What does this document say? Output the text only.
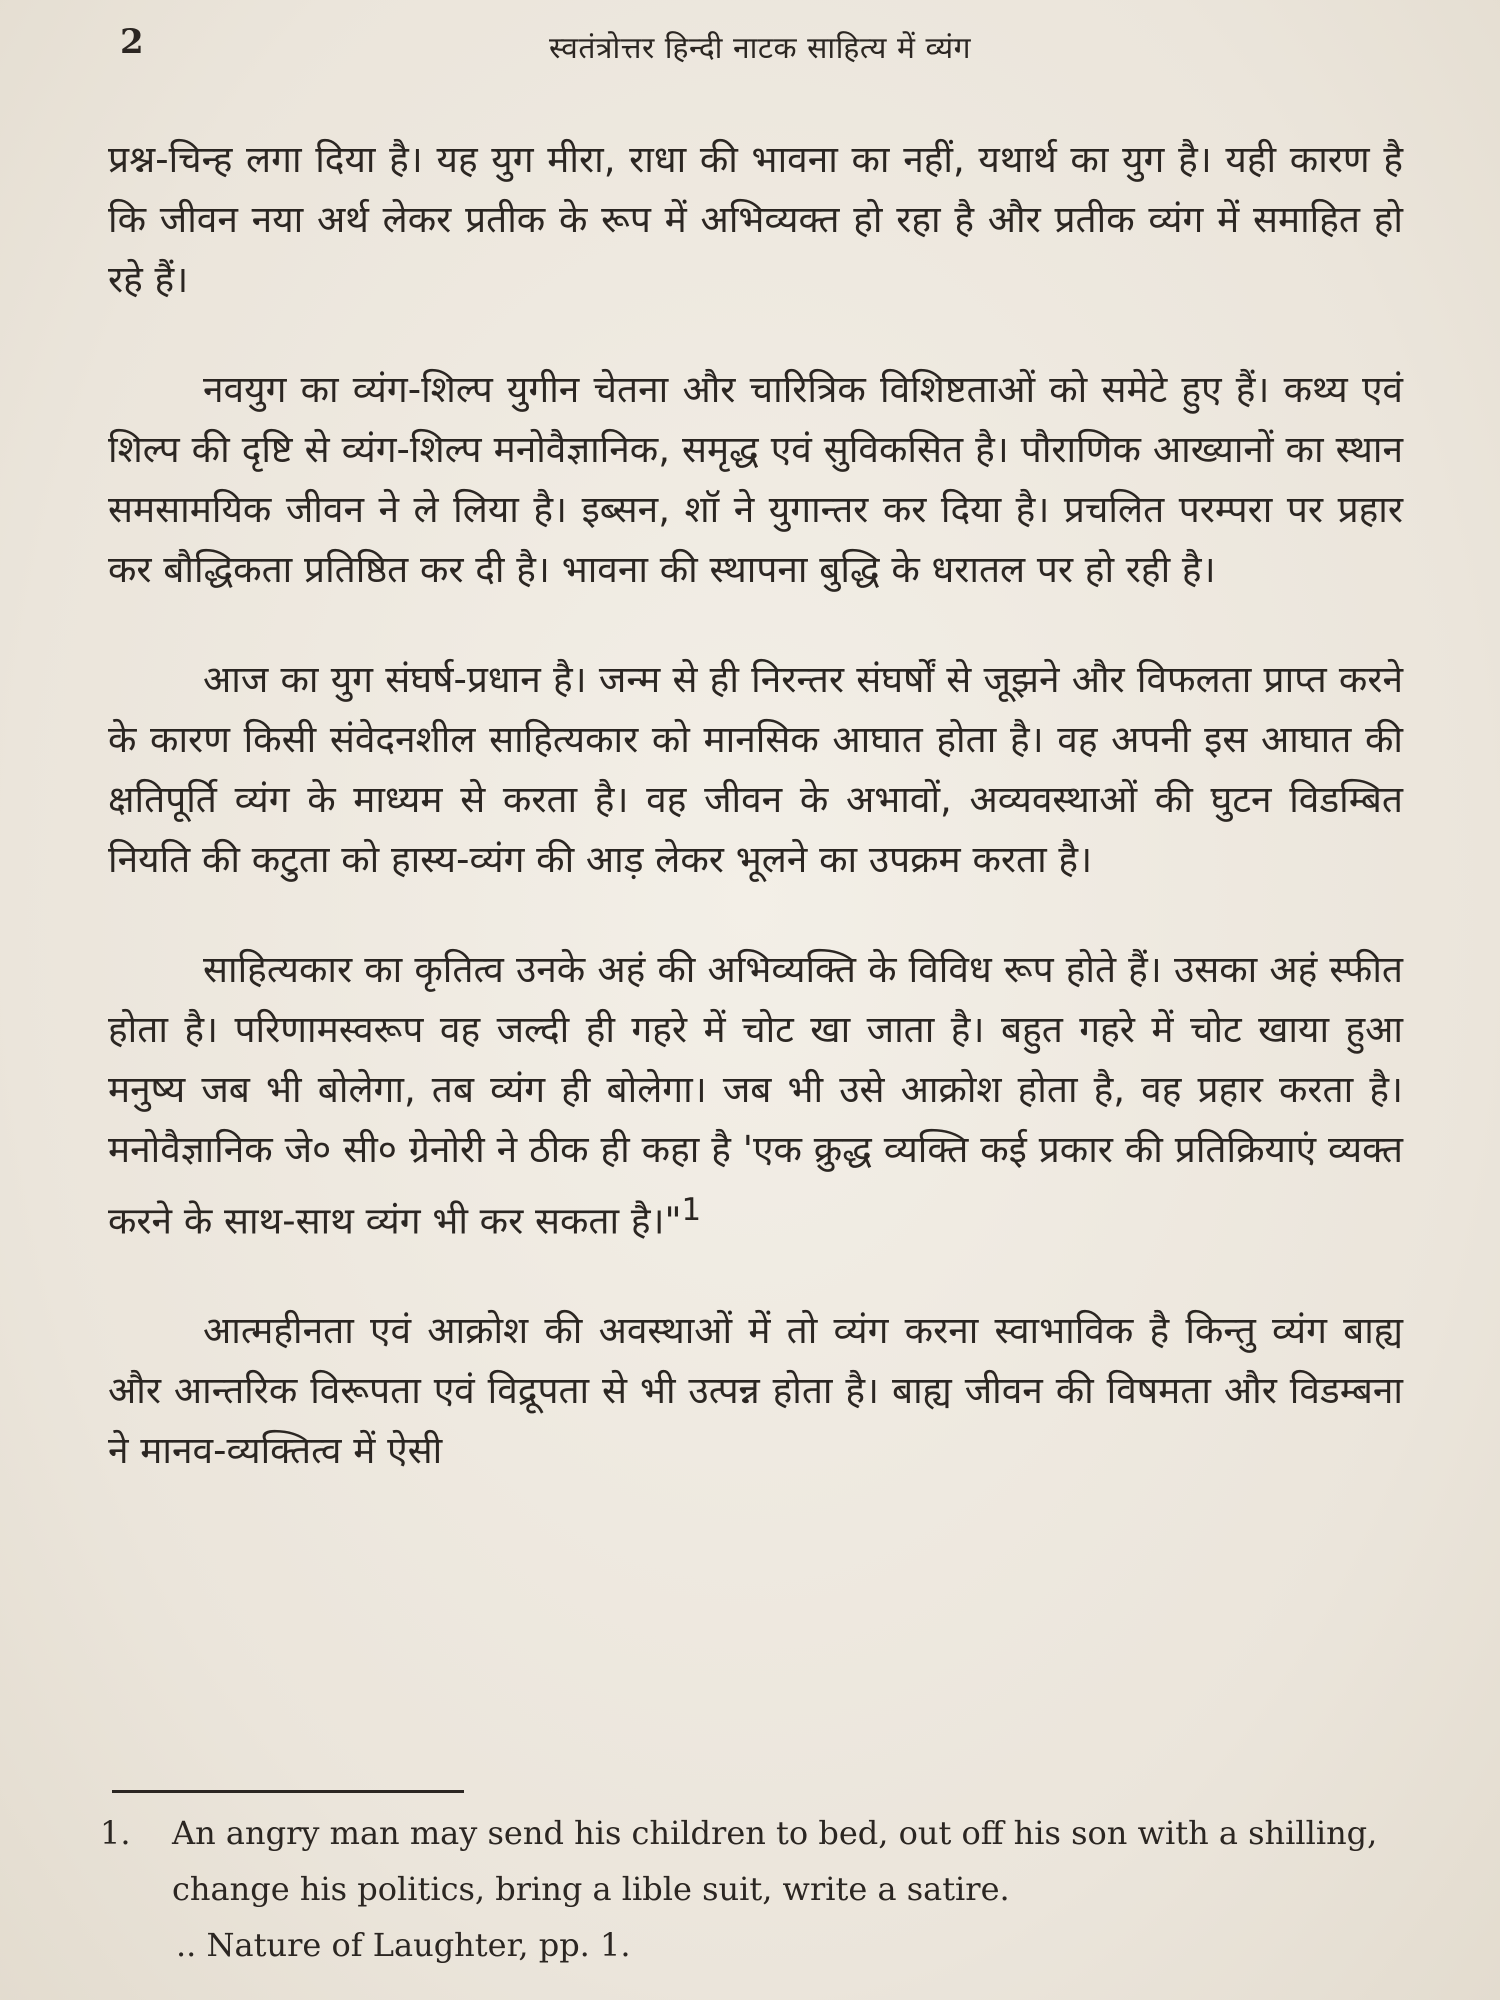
2	स्वतंत्रोत्तर हिन्दी नाटक साहित्य में व्यंग

प्रश्न-चिन्ह लगा दिया है। यह युग मीरा, राधा की भावना का नहीं, यथार्थ का युग है। यही कारण है कि जीवन नया अर्थ लेकर प्रतीक के रूप में अभिव्यक्त हो रहा है और प्रतीक व्यंग में समाहित हो रहे हैं।

नवयुग का व्यंग-शिल्प युगीन चेतना और चारित्रिक विशिष्टताओं को समेटे हुए हैं। कथ्य एवं शिल्प की दृष्टि से व्यंग-शिल्प मनोवैज्ञानिक, समृद्ध एवं सुविकसित है। पौराणिक आख्यानों का स्थान समसामयिक जीवन ने ले लिया है। इब्सन, शॉ ने युगान्तर कर दिया है। प्रचलित परम्परा पर प्रहार कर बौद्धिकता प्रतिष्ठित कर दी है। भावना की स्थापना बुद्धि के धरातल पर हो रही है।

आज का युग संघर्ष-प्रधान है। जन्म से ही निरन्तर संघर्षों से जूझने और विफलता प्राप्त करने के कारण किसी संवेदनशील साहित्यकार को मानसिक आघात होता है। वह अपनी इस आघात की क्षतिपूर्ति व्यंग के माध्यम से करता है। वह जीवन के अभावों, अव्यवस्थाओं की घुटन विडम्बित नियति की कटुता को हास्य-व्यंग की आड़ लेकर भूलने का उपक्रम करता है।

साहित्यकार का कृतित्व उनके अहं की अभिव्यक्ति के विविध रूप होते हैं। उसका अहं स्फीत होता है। परिणामस्वरूप वह जल्दी ही गहरे में चोट खा जाता है। बहुत गहरे में चोट खाया हुआ मनुष्य जब भी बोलेगा, तब व्यंग ही बोलेगा। जब भी उसे आक्रोश होता है, वह प्रहार करता है। मनोवैज्ञानिक जे० सी० ग्रेनोरी ने ठीक ही कहा है 'एक क्रुद्ध व्यक्ति कई प्रकार की प्रतिक्रियाएं व्यक्त करने के साथ-साथ व्यंग भी कर सकता है।"$^1$

आत्महीनता एवं आक्रोश की अवस्थाओं में तो व्यंग करना स्वाभाविक है किन्तु व्यंग बाह्य और आन्तरिक विरूपता एवं विद्रूपता से भी उत्पन्न होता है। बाह्य जीवन की विषमता और विडम्बना ने मानव-व्यक्तित्व में ऐसी

1.	An angry man may send his children to bed, out off his son with a shilling, change his politics, bring a lible suit, write a satire.
.. Nature of Laughter, pp. 1.
